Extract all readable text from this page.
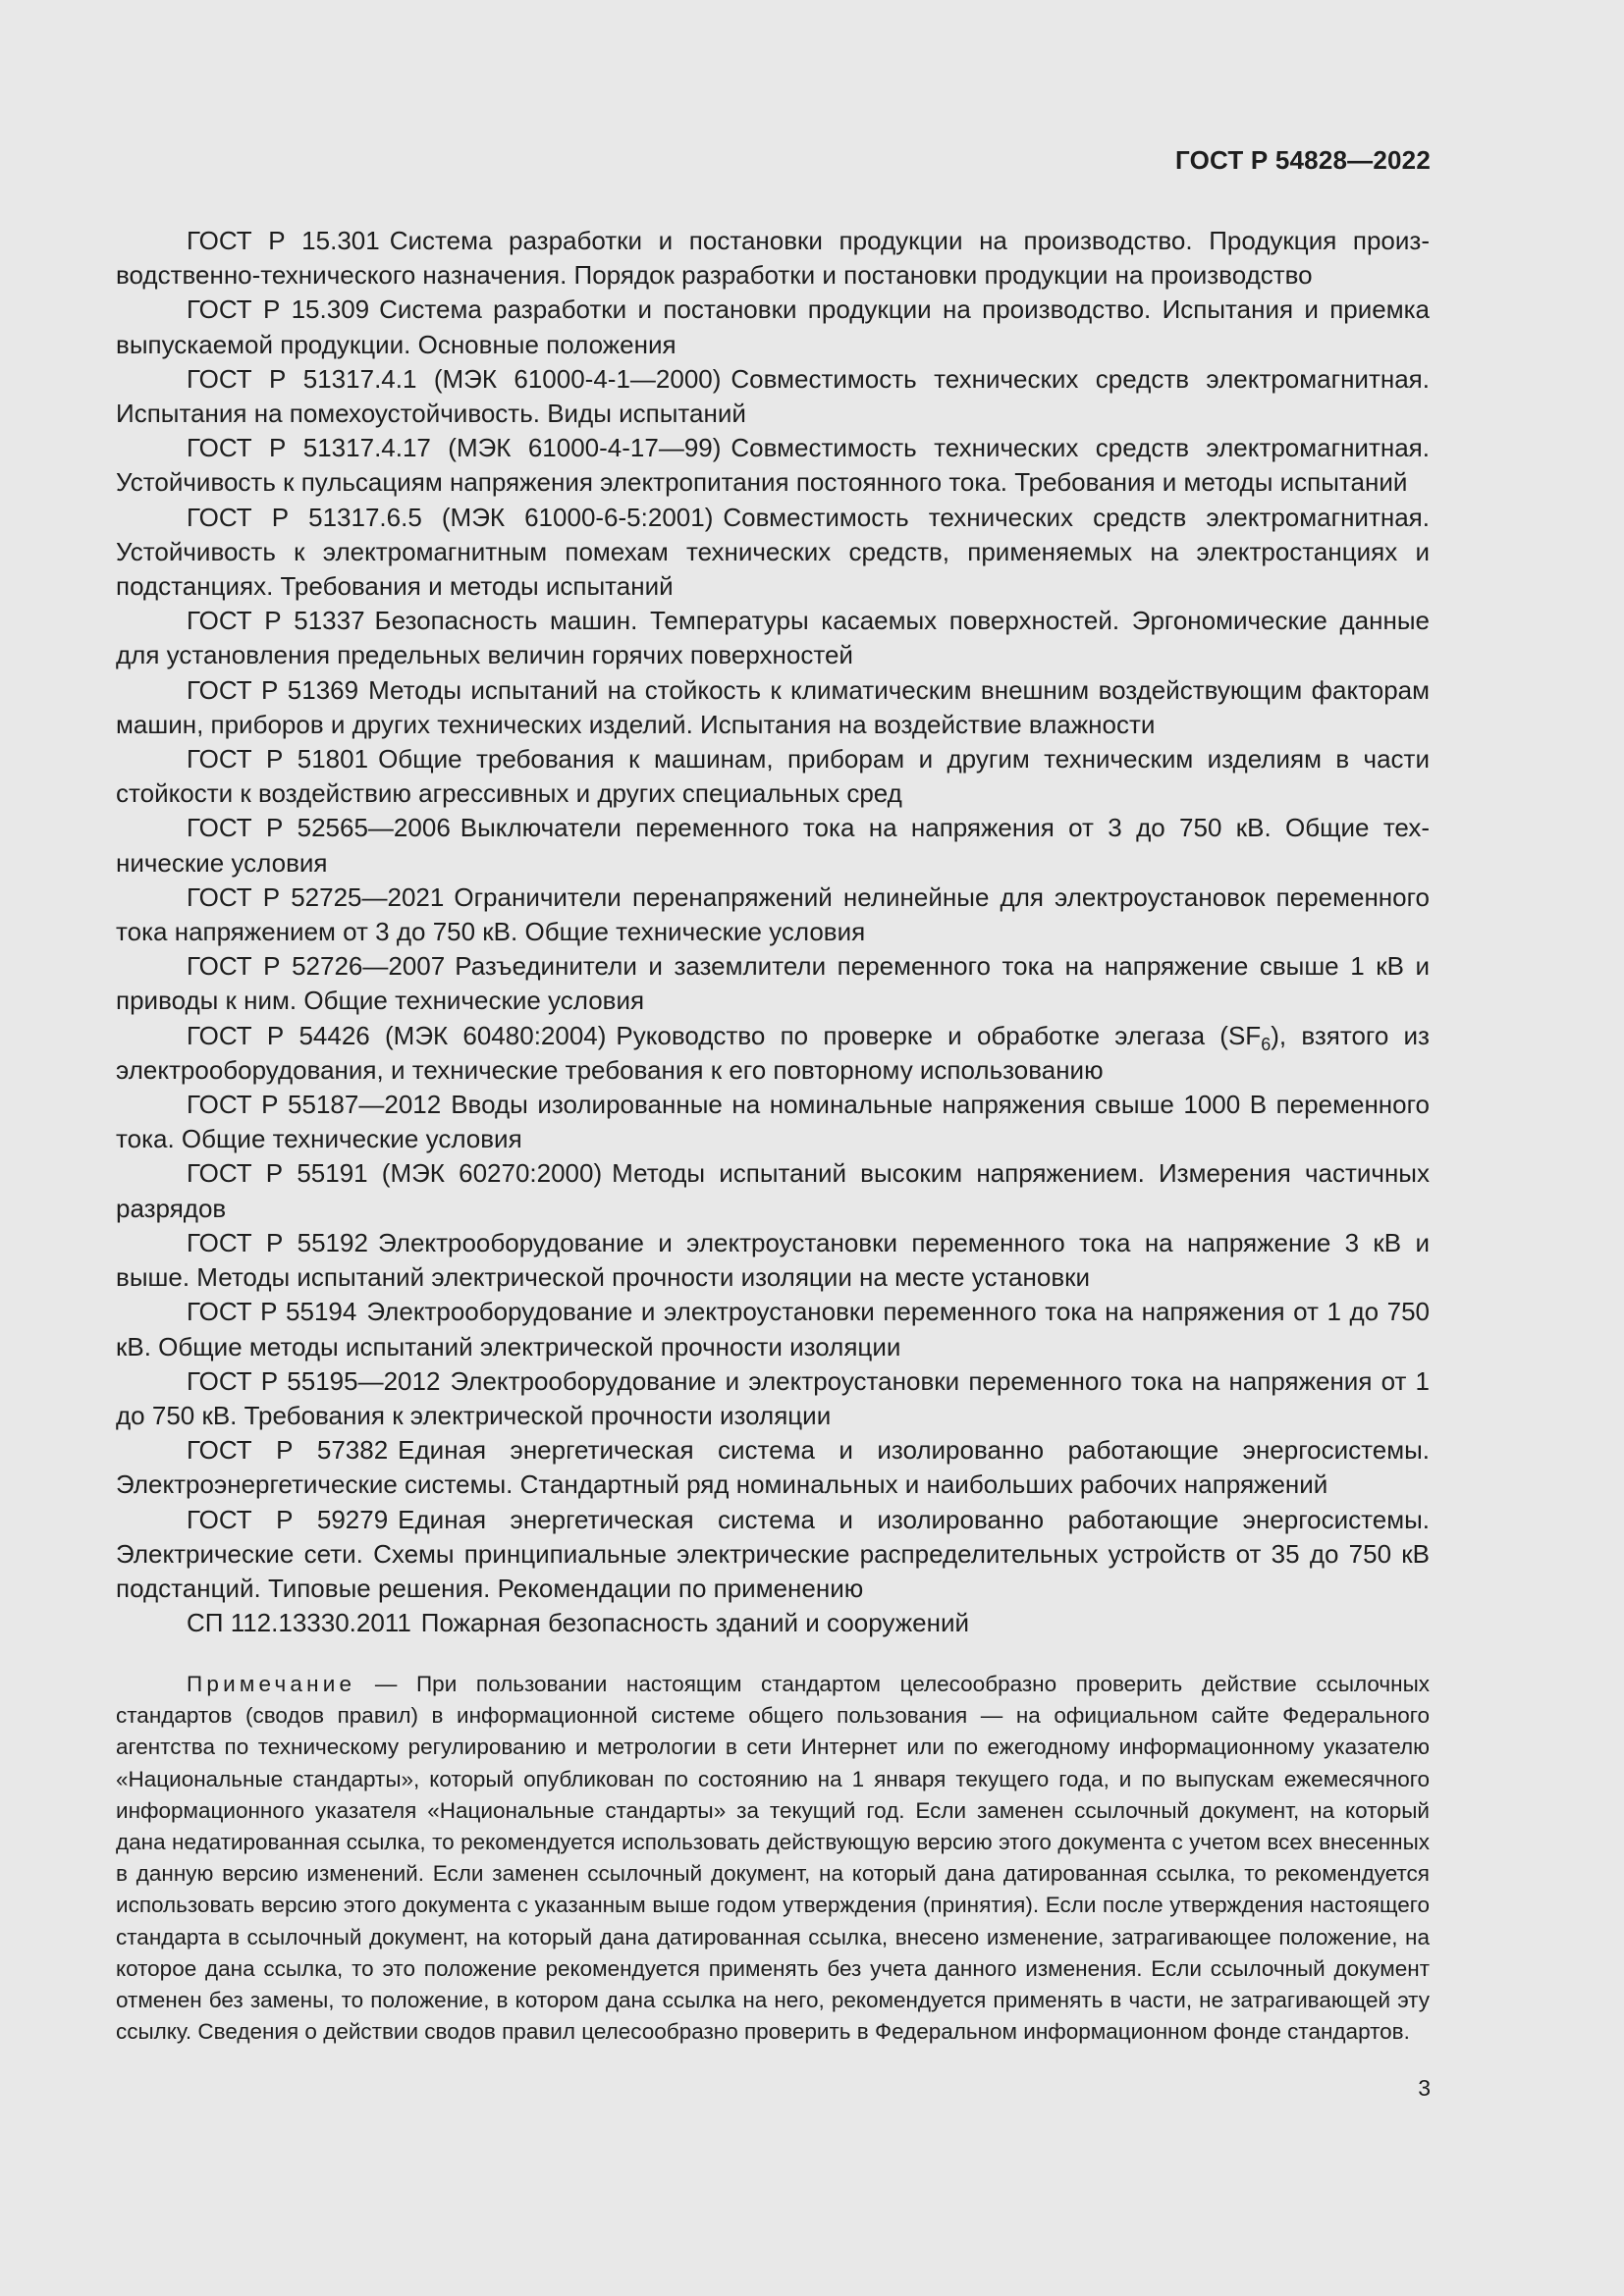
ГОСТ Р 54828—2022

ГОСТ Р 15.301 Система разработки и постановки продукции на производство. Продукция производственно-технического назначения. Порядок разработки и постановки продукции на производство

ГОСТ Р 15.309 Система разработки и постановки продукции на производство. Испытания и приемка выпускаемой продукции. Основные положения

ГОСТ Р 51317.4.1 (МЭК 61000-4-1—2000) Совместимость технических средств электромагнитная. Испытания на помехоустойчивость. Виды испытаний

ГОСТ Р 51317.4.17 (МЭК 61000-4-17—99) Совместимость технических средств электромагнитная. Устойчивость к пульсациям напряжения электропитания постоянного тока. Требования и методы испытаний

ГОСТ Р 51317.6.5 (МЭК 61000-6-5:2001) Совместимость технических средств электромагнитная. Устойчивость к электромагнитным помехам технических средств, применяемых на электростанциях и подстанциях. Требования и методы испытаний

ГОСТ Р 51337 Безопасность машин. Температуры касаемых поверхностей. Эргономические данные для установления предельных величин горячих поверхностей

ГОСТ Р 51369 Методы испытаний на стойкость к климатическим внешним воздействующим факторам машин, приборов и других технических изделий. Испытания на воздействие влажности

ГОСТ Р 51801 Общие требования к машинам, приборам и другим техническим изделиям в части стойкости к воздействию агрессивных и других специальных сред

ГОСТ Р 52565—2006 Выключатели переменного тока на напряжения от 3 до 750 кВ. Общие технические условия

ГОСТ Р 52725—2021 Ограничители перенапряжений нелинейные для электроустановок переменного тока напряжением от 3 до 750 кВ. Общие технические условия

ГОСТ Р 52726—2007 Разъединители и заземлители переменного тока на напряжение свыше 1 кВ и приводы к ним. Общие технические условия

ГОСТ Р 54426 (МЭК 60480:2004) Руководство по проверке и обработке элегаза $(SF_6)$, взятого из электрооборудования, и технические требования к его повторному использованию

ГОСТ Р 55187—2012 Вводы изолированные на номинальные напряжения свыше 1000 В переменного тока. Общие технические условия

ГОСТ Р 55191 (МЭК 60270:2000) Методы испытаний высоким напряжением. Измерения частичных разрядов

ГОСТ Р 55192 Электрооборудование и электроустановки переменного тока на напряжение 3 кВ и выше. Методы испытаний электрической прочности изоляции на месте установки

ГОСТ Р 55194 Электрооборудование и электроустановки переменного тока на напряжения от 1 до 750 кВ. Общие методы испытаний электрической прочности изоляции

ГОСТ Р 55195—2012 Электрооборудование и электроустановки переменного тока на напряжения от 1 до 750 кВ. Требования к электрической прочности изоляции

ГОСТ Р 57382 Единая энергетическая система и изолированно работающие энергосистемы. Электроэнергетические системы. Стандартный ряд номинальных и наибольших рабочих напряжений

ГОСТ Р 59279 Единая энергетическая система и изолированно работающие энергосистемы. Электрические сети. Схемы принципиальные электрические распределительных устройств от 35 до 750 кВ подстанций. Типовые решения. Рекомендации по применению

СП 112.13330.2011 Пожарная безопасность зданий и сооружений

Примечание — При пользовании настоящим стандартом целесообразно проверить действие ссылочных стандартов (сводов правил) в информационной системе общего пользования — на официальном сайте Федерального агентства по техническому регулированию и метрологии в сети Интернет или по ежегодному информационному указателю «Национальные стандарты», который опубликован по состоянию на 1 января текущего года, и по выпускам ежемесячного информационного указателя «Национальные стандарты» за текущий год. Если заменен ссылочный документ, на который дана недатированная ссылка, то рекомендуется использовать действующую версию этого документа с учетом всех внесенных в данную версию изменений. Если заменен ссылочный документ, на который дана датированная ссылка, то рекомендуется использовать версию этого документа с указанным выше годом утверждения (принятия). Если после утверждения настоящего стандарта в ссылочный документ, на который дана датированная ссылка, внесено изменение, затрагивающее положение, на которое дана ссылка, то это положение рекомендуется применять без учета данного изменения. Если ссылочный документ отменен без замены, то положение, в котором дана ссылка на него, рекомендуется применять в части, не затрагивающей эту ссылку. Сведения о действии сводов правил целесообразно проверить в Федеральном информационном фонде стандартов.

3
